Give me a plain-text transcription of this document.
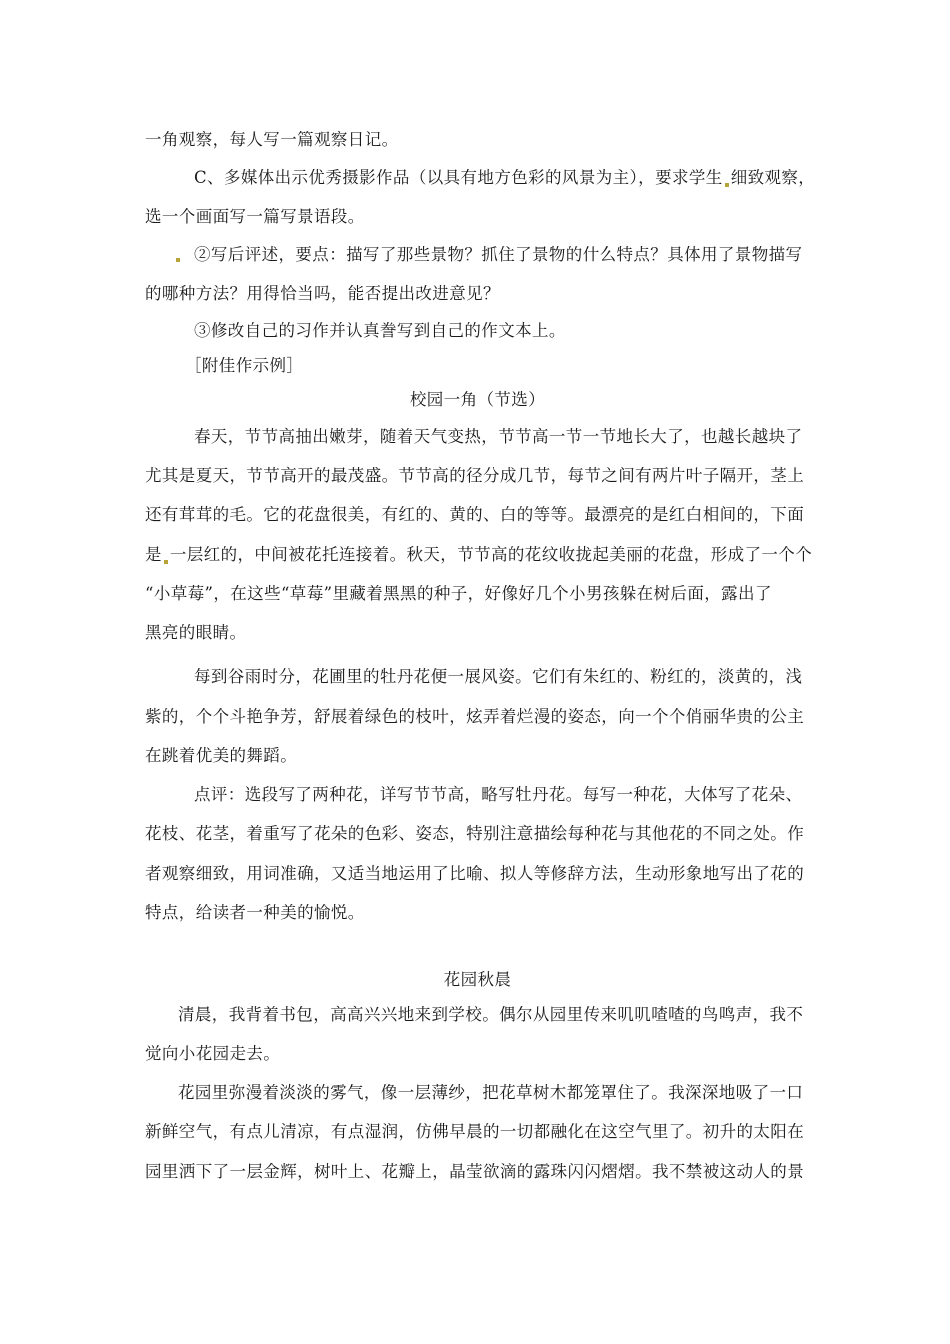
一角观察，每人写一篇观察日记。
C、多媒体出示优秀摄影作品（以具有地方色彩的风景为主），要求学生 细致观察，
选一个画面写一篇写景语段。
②写后评述，要点：描写了那些景物？抓住了景物的什么特点？具体用了景物描写
的哪种方法？用得恰当吗，能否提出改进意见？
③修改自己的习作并认真誊写到自己的作文本上。
［附佳作示例］
校园一角（节选）
春天，节节高抽出嫩芽，随着天气变热，节节高一节一节地长大了，也越长越块了
尤其是夏天，节节高开的最茂盛。节节高的径分成几节，每节之间有两片叶子隔开，茎上
还有茸茸的毛。它的花盘很美，有红的、黄的、白的等等。最漂亮的是红白相间的，下面
是 一层红的，中间被花托连接着。秋天，节节高的花纹收拢起美丽的花盘，形成了一个个
“小草莓”，在这些“草莓”里藏着黑黑的种子，好像好几个小男孩躲在树后面，露出了
黑亮的眼睛。
每到谷雨时分，花圃里的牡丹花便一展风姿。它们有朱红的、粉红的，淡黄的，浅
紫的，个个斗艳争芳，舒展着绿色的枝叶，炫弄着烂漫的姿态，向一个个俏丽华贵的公主
在跳着优美的舞蹈。
点评：选段写了两种花，详写节节高，略写牡丹花。每写一种花，大体写了花朵、
花枝、花茎，着重写了花朵的色彩、姿态，特别注意描绘每种花与其他花的不同之处。作
者观察细致，用词准确，又适当地运用了比喻、拟人等修辞方法，生动形象地写出了花的
特点，给读者一种美的愉悦。
花园秋晨
清晨，我背着书包，高高兴兴地来到学校。偶尔从园里传来叽叽喳喳的鸟鸣声，我不
觉向小花园走去。
花园里弥漫着淡淡的雾气，像一层薄纱，把花草树木都笼罩住了。我深深地吸了一口
新鲜空气，有点儿清凉，有点湿润，仿佛早晨的一切都融化在这空气里了。初升的太阳在
园里洒下了一层金辉，树叶上、花瓣上，晶莹欲滴的露珠闪闪熠熠。我不禁被这动人的景
